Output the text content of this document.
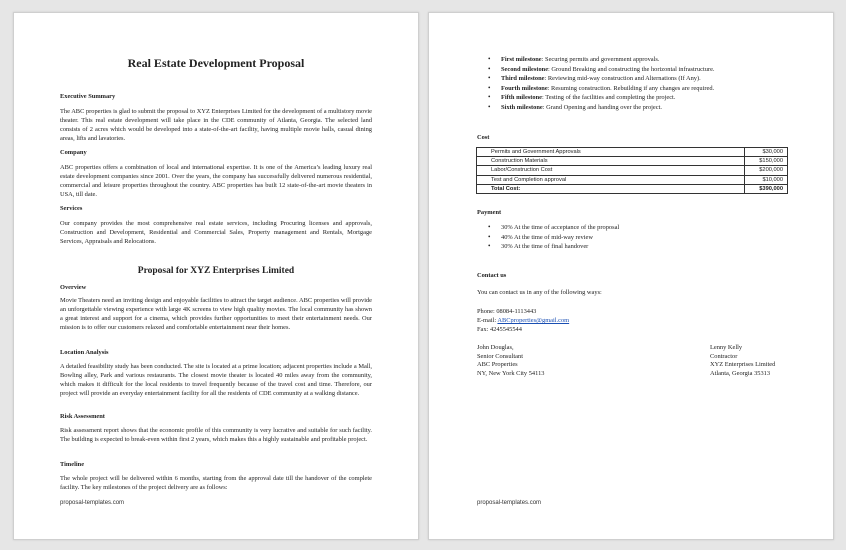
Real Estate Development Proposal
Executive Summary
The ABC properties is glad to submit the proposal to XYZ Enterprises Limited for the development of a multistory movie theater. This real estate development will take place in the CDE community of Atlanta, Georgia. The selected land consists of 2 acres which would be developed into a state-of-the-art facility, having multiple movie halls, casual dining areas, lifts and lavatories.
Company
ABC properties offers a combination of local and international expertise. It is one of the America’s leading luxury real estate development companies since 2001. Over the years, the company has successfully delivered numerous residential, commercial and leisure properties throughout the country. ABC properties has built 12 state-of-the-art movie theaters in USA, till date.
Services
Our company provides the most comprehensive real estate services, including Procuring licenses and approvals, Construction and Development, Residential and Commercial Sales, Property management and Rentals, Mortgage Services, Appraisals and Relocations.
Proposal for XYZ Enterprises Limited
Overview
Movie Theaters need an inviting design and enjoyable facilities to attract the target audience. ABC properties will provide an unforgettable viewing experience with large 4K screens to view high quality movies. The local community has shown a great interest and support for a cinema, which provides further opportunities to meet their entertainment needs. Our mission is to offer our customers relaxed and comfortable entertainment near their homes.
Location Analysis
A detailed feasibility study has been conducted. The site is located at a prime location; adjacent properties include a Mall, Bowling alley, Park and various restaurants. The closest movie theater is located 40 miles away from the community, which makes it difficult for the local residents to travel frequently because of the travel cost and time. Therefore, our project will provide an everyday entertainment facility for all the residents of CDE community at a walking distance.
Risk Assessment
Risk assessment report shows that the economic profile of this community is very lucrative and suitable for such facility. The building is expected to break-even within first 2 years, which makes this a highly sustainable and profitable project.
Timeline
The whole project will be delivered within 6 months, starting from the approval date till the handover of the complete facility. The key milestones of the project delivery are as follows:
proposal-templates.com
• First milestone: Securing permits and government approvals.
• Second milestone: Ground Breaking and constructing the horizontal infrastructure.
• Third milestone: Reviewing mid-way construction and Alternations (If Any).
• Fourth milestone: Resuming construction. Rebuilding if any changes are required.
• Fifth milestone: Testing of the facilities and completing the project.
• Sixth milestone: Grand Opening and handing over the project.
Cost
Permits and Government Approvals	$30,000
Construction Materials	$150,000
Labor/Construction Cost	$200,000
Test and Completion approval	$10,000
Total Cost:	$390,000
Payment
• 30% At the time of acceptance of the proposal
• 40% At the time of mid-way review
• 30% At the time of final handover
Contact us
You can contact us in any of the following ways:
Phone: 08084-1113443
E-mail: ABCproperties@gmail.com
Fax: 4245545544
John Douglas,
Senior Consultant
ABC Properties
NY, New York City 54113
Lenny Kelly
Contractor
XYZ Enterprises Limited
Atlanta, Georgia 35313
proposal-templates.com
